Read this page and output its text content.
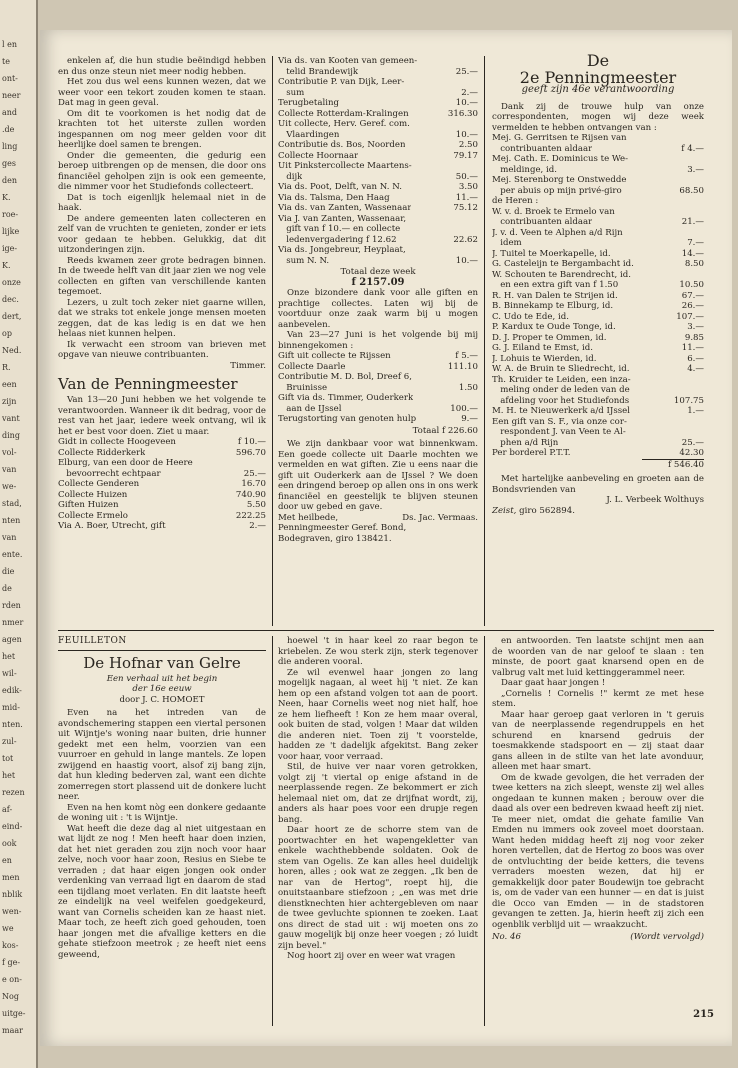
l en
te
ont-
neer
and
.de
ling
ges
den
K.
roe-
lijke
ige-
K.
onze
dec.
dert,
op
Ned.
R.
een
zijn
vant
ding
vol-
van
we-
stad,
nten
van
ente.
die
de
rden
nmer
agen
het
wil-
edik-
mid-
nten.
zul-
tot
het
rezen
af-
eind-
ook
en
men
nblik
wen-
we
kos-
f ge-
e on-
Nog
uitge-
maar

enkelen af, die hun studie beëindigd hebben en dus onze steun niet meer nodig hebben.

Het zou dus wel eens kunnen wezen, dat we weer voor een tekort zouden komen te staan. Dat mag in geen geval.

Om dit te voorkomen is het nodig dat de krachten tot het uiterste zullen worden ingespannen om nog meer gelden voor dit heerlijke doel samen te brengen.

Onder die gemeenten, die gedurig een beroep uitbrengen op de mensen, die door ons financiëel geholpen zijn is ook een gemeente, die nimmer voor het Studiefonds collecteert.

Dat is toch eigenlijk helemaal niet in de haak.

De andere gemeenten laten collecteren en zelf van de vruchten te genieten, zonder er iets voor gedaan te hebben. Gelukkig, dat dit uitzonderingen zijn.

Reeds kwamen zeer grote bedragen binnen. In de tweede helft van dit jaar zien we nog vele collecten en giften van verschillende kanten tegemoet.

Lezers, u zult toch zeker niet gaarne willen, dat we straks tot enkele jonge mensen moeten zeggen, dat de kas ledig is en dat we hen helaas niet kunnen helpen.

Ik verwacht een stroom van brieven met opgave van nieuwe contribuanten.

Timmer.
Van de Penningmeester

Van 13—20 Juni hebben we het volgende te verantwoorden. Wanneer ik dit bedrag, voor de rest van het jaar, iedere week ontvang, wil ik het er best voor doen. Ziet u maar.

Gidt in collecte Hoogeveen	f 10.—
Collecte Ridderkerk	596.70
Elburg, van een door de Heere
bevoorrecht echtpaar	25.—
Collecte Genderen	16.70
Collecte Huizen	740.90
Giften Huizen	5.50
Collecte Ermelo	222.25
Via A. Boer, Utrecht, gift	2.—
Via ds. van Kooten van gemeen-
telid Brandewijk	25.—
Contributie P. van Dijk, Leer-
sum	2.—
Terugbetaling	10.—
Collecte Rotterdam-Kralingen	316.30
Uit collecte, Herv. Geref. com.
Vlaardingen	10.—
Contributie ds. Bos, Noorden	2.50
Collecte Hoornaar	79.17
Uit Pinkstercollecte Maartens-
dijk	50.—
Via ds. Poot, Delft, van N. N.	3.50
Via ds. Talsma, Den Haag	11.—
Via ds. van Zanten, Wassenaar	75.12
Via J. van Zanten, Wassenaar,
gift van f 10.— en collecte
ledenvergadering f 12.62	22.62
Via ds. Jongebreur, Heyplaat,
sum N. N.	10.—
Totaal deze week
f 2157.09

Onze bizondere dank voor alle giften en prachtige collectes. Laten wij bij de voortduur onze zaak warm bij u mogen aanbevelen.

Van 23—27 Juni is het volgende bij mij binnengekomen :

Gift uit collecte te Rijssen	f 5.—
Collecte Daarle	111.10
Contributie M. D. Bol, Dreef 6,
Bruinisse	1.50
Gift via ds. Timmer, Ouderkerk
aan de IJssel	100.—
Terugstorting van genoten hulp	9.—
Totaal f 226.60

We zijn dankbaar voor wat binnenkwam. Een goede collecte uit Daarle mochten we vermelden en wat giften. Zie u eens naar die gift uit Ouderkerk aan de IJssel ? We doen een dringend beroep op allen ons in ons werk financiëel en geestelijk te blijven steunen door uw gebed en gave.

Met heilbede,	Ds. Jac. Vermaas.
Penningmeester Geref. Bond,
Bodegraven, giro 138421.
De
2e Penningmeester
geeft zijn 46e verantwoording

Dank zij de trouwe hulp van onze correspondenten, mogen wij deze week vermelden te hebben ontvangen van :

Mej. G. Gerritsen te Rijsen van
contribuanten aldaar	f 4.—
Mej. Cath. E. Dominicus te We-
meldinge, id.	3.—
Mej. Sterenborg te Onstwedde
per abuis op mijn privé-giro	68.50
de Heren :
W. v. d. Broek te Ermelo van
contribuanten aldaar	21.—
J. v. d. Veen te Alphen a/d Rijn
idem	7.—
J. Tuitel te Moerkapelle, id.	14.—
G. Casteleijn te Bergambacht id.	8.50
W. Schouten te Barendrecht, id.
en een extra gift van f 1.50	10.50
R. H. van Dalen te Strijen id.	67.—
B. Binnekamp te Elburg, id.	26.—
C. Udo te Ede, id.	107.—
P. Kardux te Oude Tonge, id.	3.—
D. J. Proper te Ommen, id.	9.85
G. J. Eiland te Emst, id.	11.—
J. Lohuis te Wierden, id.	6.—
W. A. de Bruin te Sliedrecht, id.	4.—
Th. Kruider te Leiden, een inza-
meling onder de leden van de
afdeling voor het Studiefonds	107.75
M. H. te Nieuwerkerk a/d IJssel	1.—
Een gift van S. F., via onze cor-
respondent J. van Veen te Al-
phen a/d Rijn	25.—
Per borderel P.T.T.	42.30
f 546.40

Met hartelijke aanbeveling en groeten aan de Bondsvrienden van

J. L. Verbeek Wolthuys
Zeist, giro 562894.
FEUILLETON
De Hofnar van Gelre
Een verhaal uit het begin
der 16e eeuw
door J. C. HOMOET

Even na het intreden van de avondschemering stappen een viertal personen uit Wijntje's woning naar buiten, drie hunner gedekt met een helm, voorzien van een vuurroer en gehuld in lange mantels. Ze lopen zwijgend en haastig voort, alsof zij bang zijn, dat hun kleding bederven zal, want een dichte zomerregen stort plassend uit de donkere lucht neer.

Even na hen komt nòg een donkere gedaante de woning uit : 't is Wijntje.

Wat heeft die deze dag al niet uitgestaan en wat lijdt ze nog ! Men heeft haar doen inzien, dat het niet geraden zou zijn noch voor haar zelve, noch voor haar zoon, Resius en Siebe te verraden ; dat haar eigen jongen ook onder verdenking van verraad ligt en daarom de stad een tijdlang moet verlaten. En dit laatste heeft ze eindelijk na veel weifelen goedgekeurd, want van Cornelis scheiden kan ze haast niet. Maar toch, ze heeft zich goed gehouden, toen haar jongen met die afvallige ketters en die gehate stiefzoon meetrok ; ze heeft niet eens geweend,

hoewel 't in haar keel zo raar begon te kriebelen. Ze wou sterk zijn, sterk tegenover die anderen vooral.

Ze wil evenwel haar jongen zo lang mogelijk nagaan, al weet hij 't niet. Ze kan hem op een afstand volgen tot aan de poort. Neen, haar Cornelis weet nog niet half, hoe ze hem liefheeft ! Kon ze hem maar overal, ook buiten de stad, volgen ! Maar dat wilden die anderen niet. Toen zij 't voorstelde, hadden ze 't dadelijk afgekitst. Bang zeker voor haar, voor verraad.

Stil, de huive ver naar voren getrokken, volgt zij 't viertal op enige afstand in de neerplassende regen. Ze bekommert er zich helemaal niet om, dat ze drijfnat wordt, zij, anders als haar poes voor een drupje regen bang.

Daar hoort ze de schorre stem van de poortwachter en het wapengekletter van enkele wachthebbende soldaten. Ook de stem van Ogelis. Ze kan alles heel duidelijk horen, alles ; ook wat ze zeggen. „Ik ben de nar van de Hertog", roept hij, die onuitstaanbare stiefzoon ; „en was met drie dienstknechten hier achtergebleven om naar de twee gevluchte spionnen te zoeken. Laat ons direct de stad uit : wij moeten ons zo gauw mogelijk bij onze heer voegen ; zó luidt zijn bevel."

Nog hoort zij over en weer wat vragen

en antwoorden. Ten laatste schijnt men aan de woorden van de nar geloof te slaan : ten minste, de poort gaat knarsend open en de valbrug valt met luid kettinggerammel neer.

Daar gaat haar jongen !

„Cornelis ! Cornelis !" kermt ze met hese stem.

Maar haar geroep gaat verloren in 't geruis van de neerplassende regendruppels en het schurend en knarsend gedruis der toesmakkende stadspoort en — zij staat daar gans alleen in de stilte van het late avonduur, alleen met haar smart.

Om de kwade gevolgen, die het verraden der twee ketters na zich sleept, wenste zij wel alles ongedaan te kunnen maken ; berouw over die daad als over een bedreven kwaad heeft zij niet. Te meer niet, omdat die gehate familie Van Emden nu immers ook zoveel moet doorstaan. Want heden middag heeft zij nog voor zeker horen vertellen, dat de Hertog zo boos was over de ontvluchting der beide ketters, die tevens verraders moesten wezen, dat hij er gemakkelijk door pater Boudewijn toe gebracht is, om de vader van een hunner — en dat is juist die Occo van Emden — in de stadstoren gevangen te zetten. Ja, hierin heeft zij zich een ogenblik verblijd uit — wraakzucht.

No. 46	(Wordt vervolgd)
215
